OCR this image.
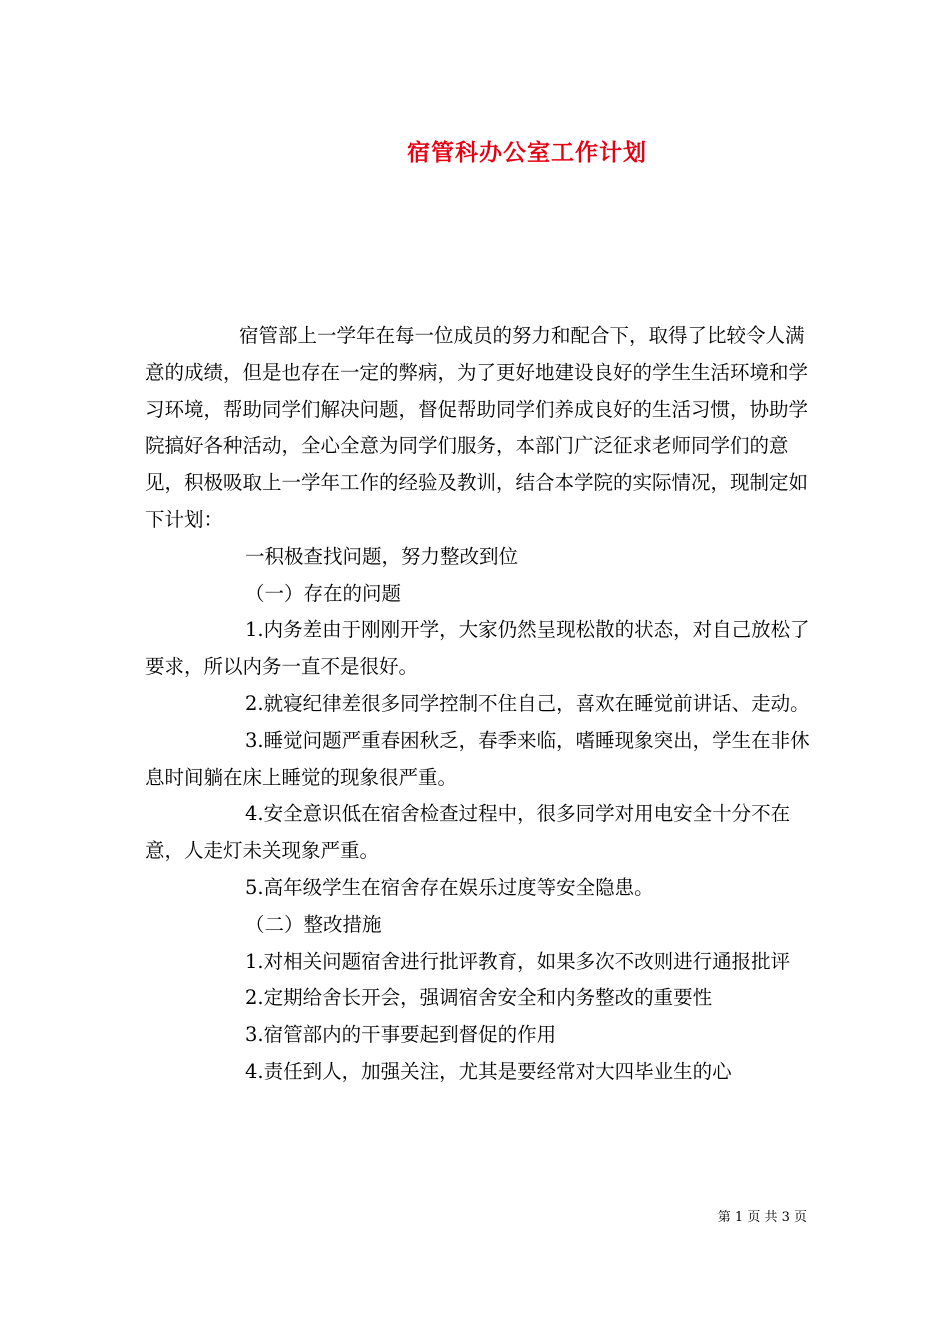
宿管科办公室工作计划

宿管部上一学年在每一位成员的努力和配合下，取得了比较令人满意的成绩，但是也存在一定的弊病，为了更好地建设良好的学生生活环境和学习环境，帮助同学们解决问题，督促帮助同学们养成良好的生活习惯，协助学院搞好各种活动，全心全意为同学们服务，本部门广泛征求老师同学们的意见，积极吸取上一学年工作的经验及教训，结合本学院的实际情况，现制定如下计划：

一积极查找问题，努力整改到位

（一）存在的问题

1.内务差由于刚刚开学，大家仍然呈现松散的状态，对自己放松了要求，所以内务一直不是很好。

2.就寝纪律差很多同学控制不住自己，喜欢在睡觉前讲话、走动。

3.睡觉问题严重春困秋乏，春季来临，嗜睡现象突出，学生在非休息时间躺在床上睡觉的现象很严重。

4.安全意识低在宿舍检查过程中，很多同学对用电安全十分不在意，人走灯未关现象严重。

5.高年级学生在宿舍存在娱乐过度等安全隐患。

（二）整改措施

1.对相关问题宿舍进行批评教育，如果多次不改则进行通报批评

2.定期给舍长开会，强调宿舍安全和内务整改的重要性

3.宿管部内的干事要起到督促的作用

4.责任到人，加强关注，尤其是要经常对大四毕业生的心

第 1 页 共 3 页
